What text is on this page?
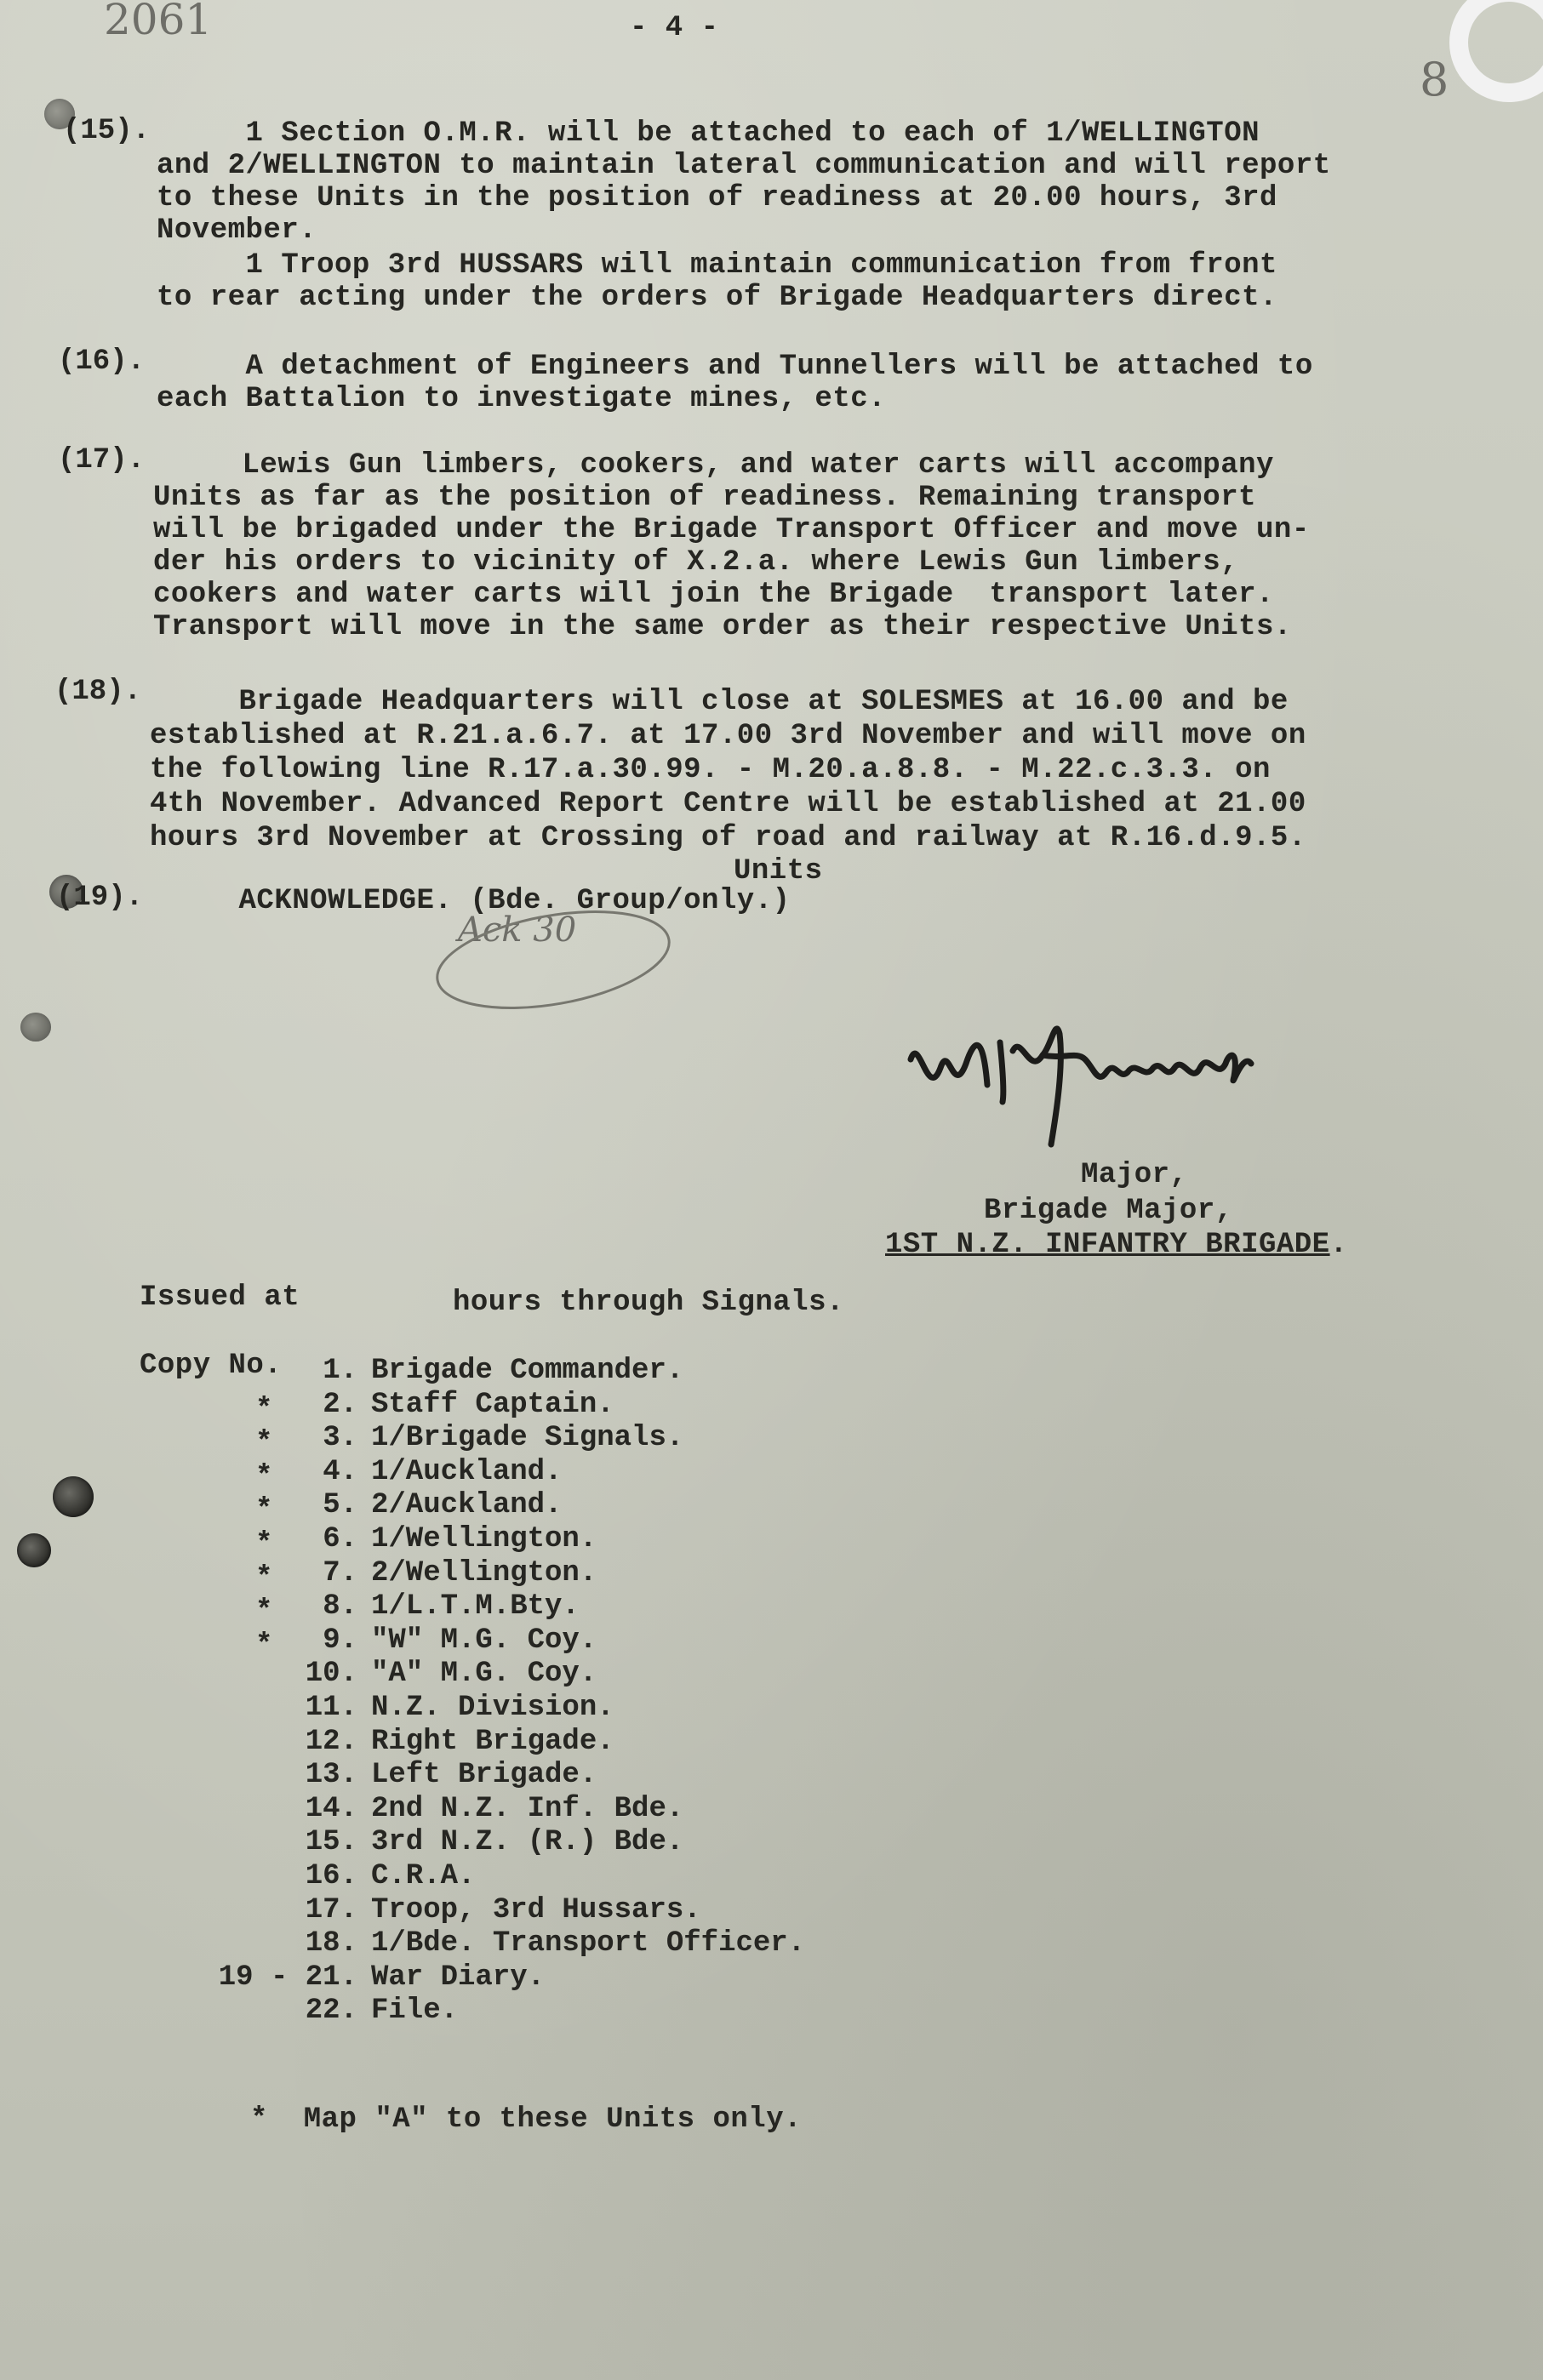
2061	- 4 -
8
(15). 1 Section O.M.R. will be attached to each of 1/WELLINGTON
and 2/WELLINGTON to maintain lateral communication and will report
to these Units in the position of readiness at 20.00 hours, 3rd
November.
1 Troop 3rd HUSSARS will maintain communication from front
to rear acting under the orders of Brigade Headquarters direct.
(16). A detachment of Engineers and Tunnellers will be attached to
each Battalion to investigate mines, etc.
(17). Lewis Gun limbers, cookers, and water carts will accompany
Units as far as the position of readiness. Remaining transport
will be brigaded under the Brigade Transport Officer and move un-
der his orders to vicinity of X.2.a. where Lewis Gun limbers,
cookers and water carts will join the Brigade  transport later.
Transport will move in the same order as their respective Units.
(18). Brigade Headquarters will close at SOLESMES at 16.00 and be
established at R.21.a.6.7. at 17.00 3rd November and will move on
the following line R.17.a.30.99. - M.20.a.8.8. - M.22.c.3.3. on
4th November. Advanced Report Centre will be established at 21.00
hours 3rd November at Crossing of road and railway at R.16.d.9.5.
Units
(19). ACKNOWLEDGE. (Bde. Group/only.)
Ack 30
Major,
Brigade Major,
1ST N.Z. INFANTRY BRIGADE.
Issued at	hours through Signals.
Copy No.	1. Brigade Commander.
*	2. Staff Captain.
*	3. 1/Brigade Signals.
*	4. 1/Auckland.
*	5. 2/Auckland.
*	6. 1/Wellington.
*	7. 2/Wellington.
*	8. 1/L.T.M.Bty.
*	9. "W" M.G. Coy.
10. "A" M.G. Coy.
11. N.Z. Division.
12. Right Brigade.
13. Left Brigade.
14. 2nd N.Z. Inf. Bde.
15. 3rd N.Z. (R.) Bde.
16. C.R.A.
17. Troop, 3rd Hussars.
18. 1/Bde. Transport Officer.
19 - 21. War Diary.
22. File.
*  Map "A" to these Units only.
